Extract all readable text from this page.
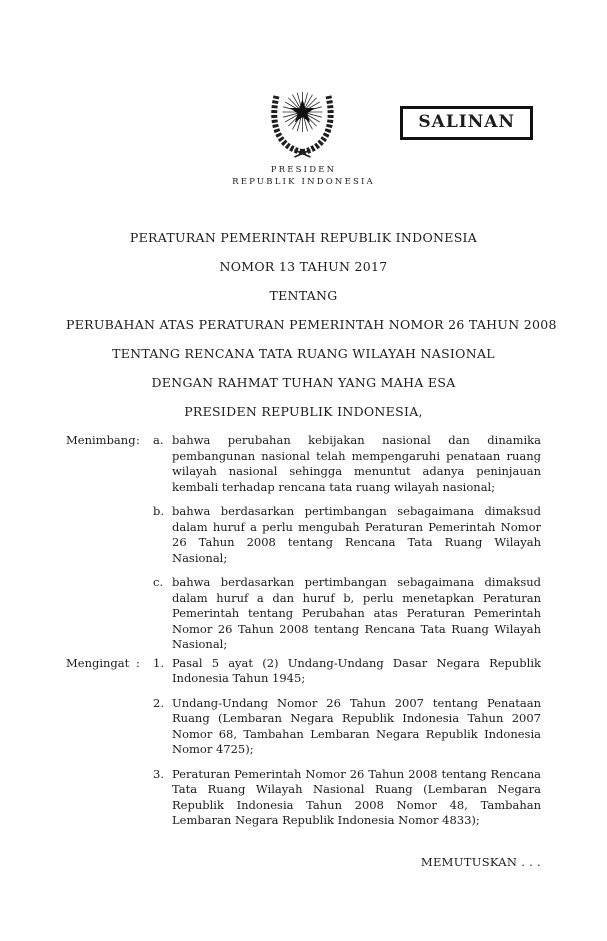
SALINAN
PRESIDEN
REPUBLIK INDONESIA
PERATURAN PEMERINTAH REPUBLIK INDONESIA
NOMOR 13 TAHUN 2017
TENTANG
PERUBAHAN ATAS PERATURAN PEMERINTAH NOMOR 26 TAHUN 2008
TENTANG RENCANA TATA RUANG WILAYAH NASIONAL
DENGAN RAHMAT TUHAN YANG MAHA ESA
PRESIDEN REPUBLIK INDONESIA,
Menimbang :	a. bahwa perubahan kebijakan nasional dan dinamika pembangunan nasional telah mempengaruhi penataan ruang wilayah nasional sehingga menuntut adanya peninjauan kembali terhadap rencana tata ruang wilayah nasional;
b. bahwa berdasarkan pertimbangan sebagaimana dimaksud dalam huruf a perlu mengubah Peraturan Pemerintah Nomor 26 Tahun 2008 tentang Rencana Tata Ruang Wilayah Nasional;
c. bahwa berdasarkan pertimbangan sebagaimana dimaksud dalam huruf a dan huruf b, perlu menetapkan Peraturan Pemerintah tentang Perubahan atas Peraturan Pemerintah Nomor 26 Tahun 2008 tentang Rencana Tata Ruang Wilayah Nasional;
Mengingat :	1. Pasal 5 ayat (2) Undang-Undang Dasar Negara Republik Indonesia Tahun 1945;
2. Undang-Undang Nomor 26 Tahun 2007 tentang Penataan Ruang (Lembaran Negara Republik Indonesia Tahun 2007 Nomor 68, Tambahan Lembaran Negara Republik Indonesia Nomor 4725);
3. Peraturan Pemerintah Nomor 26 Tahun 2008 tentang Rencana Tata Ruang Wilayah Nasional Ruang (Lembaran Negara Republik Indonesia Tahun 2008 Nomor 48, Tambahan Lembaran Negara Republik Indonesia Nomor 4833);
MEMUTUSKAN . . .
